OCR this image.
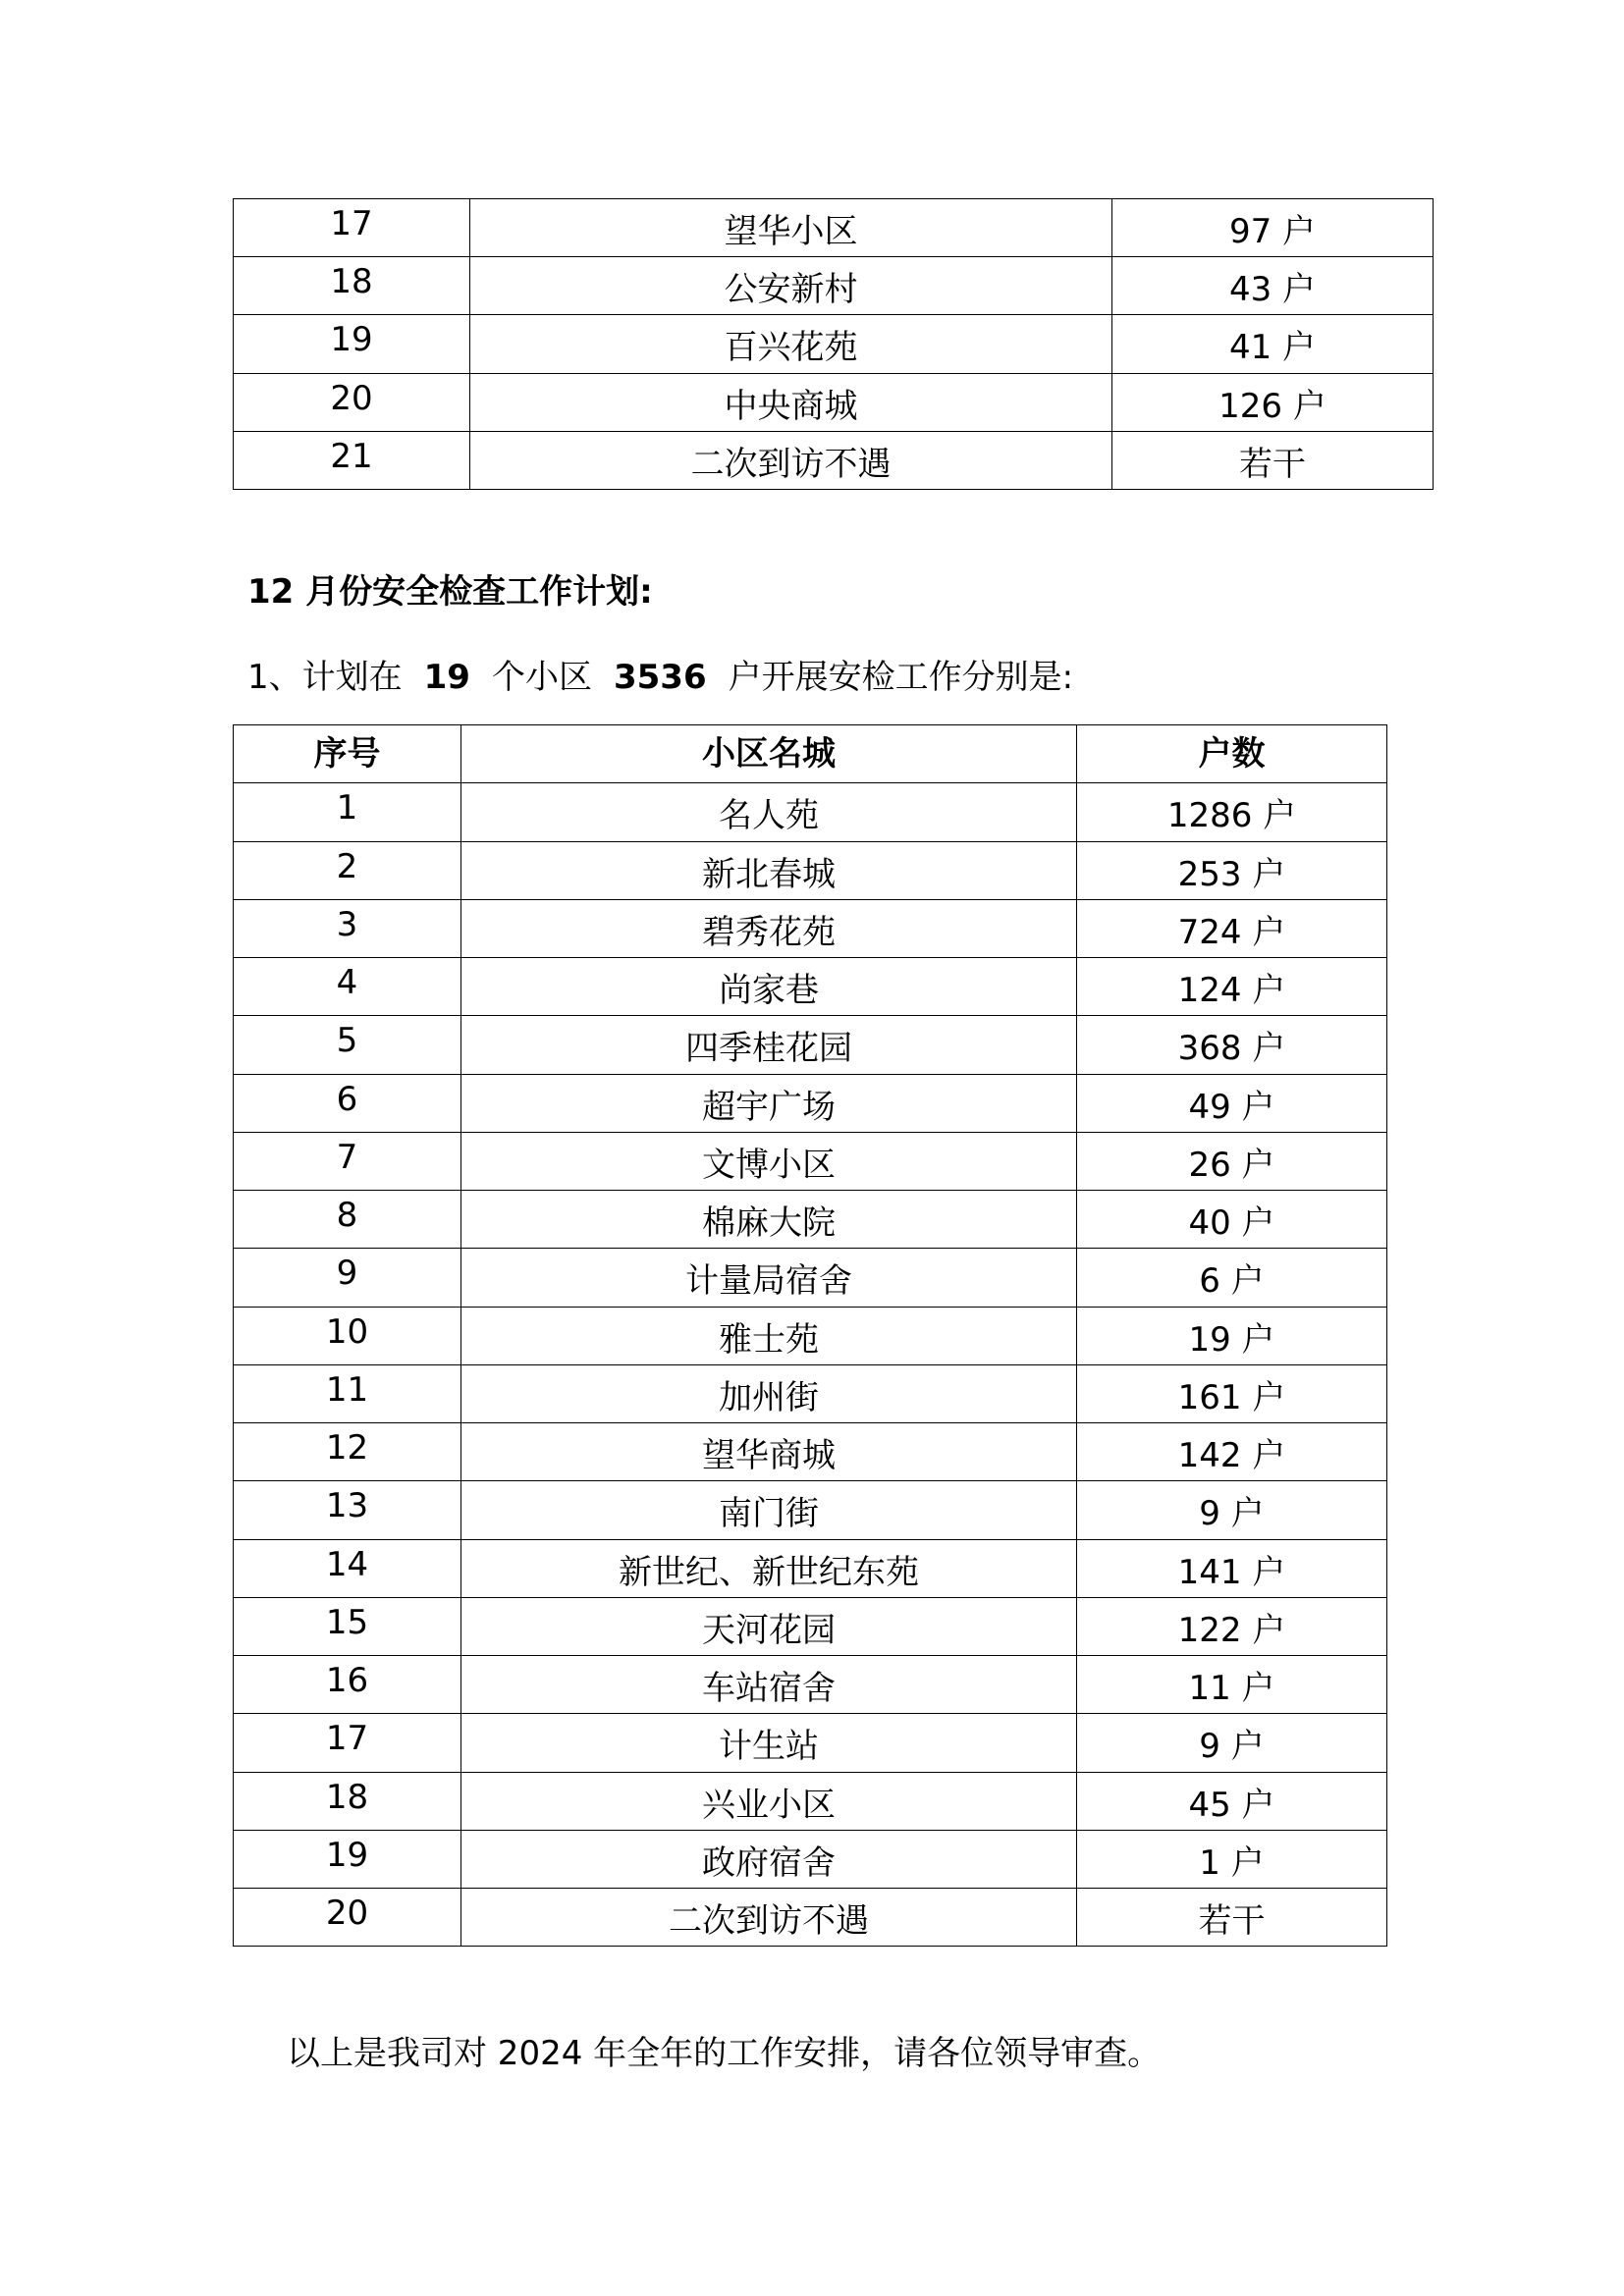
17	望华小区	97 户
18	公安新村	43 户
19	百兴花苑	41 户
20	中央商城	126 户
21	二次到访不遇	若干
12 月份安全检查工作计划:
1、计划在 19 个小区 3536 户开展安检工作分别是:
序号	小区名城	户数
1	名人苑	1286 户
2	新北春城	253 户
3	碧秀花苑	724 户
4	尚家巷	124 户
5	四季桂花园	368 户
6	超宇广场	49 户
7	文博小区	26 户
8	棉麻大院	40 户
9	计量局宿舍	6 户
10	雅士苑	19 户
11	加州街	161 户
12	望华商城	142 户
13	南门街	9 户
14	新世纪、新世纪东苑	141 户
15	天河花园	122 户
16	车站宿舍	11 户
17	计生站	9 户
18	兴业小区	45 户
19	政府宿舍	1 户
20	二次到访不遇	若干
以上是我司对 2024 年全年的工作安排，请各位领导审查。
